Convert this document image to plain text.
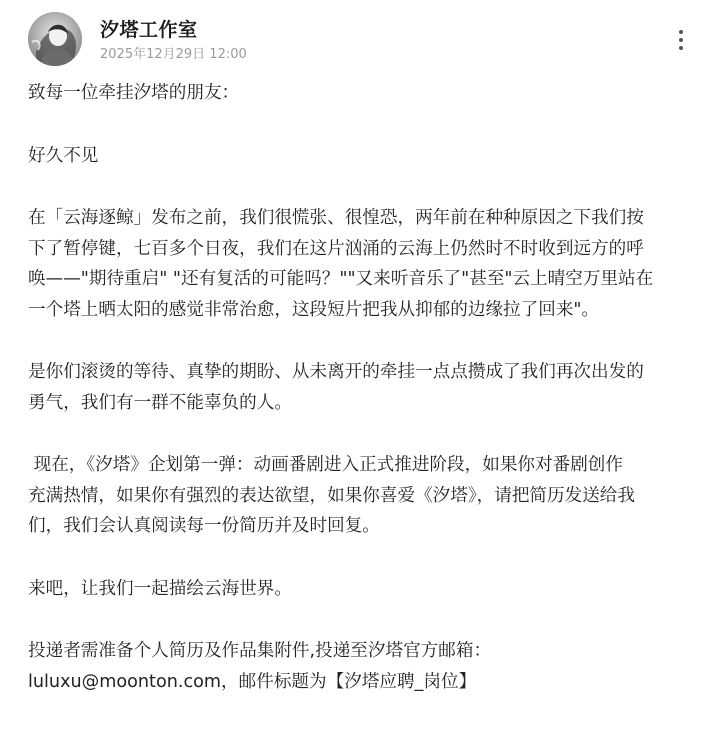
汐塔工作室
2025年12月29日 12:00

致每一位牵挂汐塔的朋友：

好久不见

在「云海逐鲸」发布之前，我们很慌张、很惶恐，两年前在种种原因之下我们按
下了暂停键，七百多个日夜，我们在这片汹涌的云海上仍然时不时收到远方的呼
唤——"期待重启" "还有复活的可能吗？""又来听音乐了"甚至"云上晴空万里站在
一个塔上晒太阳的感觉非常治愈，这段短片把我从抑郁的边缘拉了回来"。

是你们滚烫的等待、真挚的期盼、从未离开的牵挂一点点攒成了我们再次出发的
勇气，我们有一群不能辜负的人。

现在，《汐塔》企划第一弹：动画番剧进入正式推进阶段，如果你对番剧创作
充满热情，如果你有强烈的表达欲望，如果你喜爱《汐塔》，请把简历发送给我
们，我们会认真阅读每一份简历并及时回复。

来吧，让我们一起描绘云海世界。

投递者需准备个人简历及作品集附件,投递至汐塔官方邮箱：
luluxu@moonton.com，邮件标题为【汐塔应聘_岗位】
